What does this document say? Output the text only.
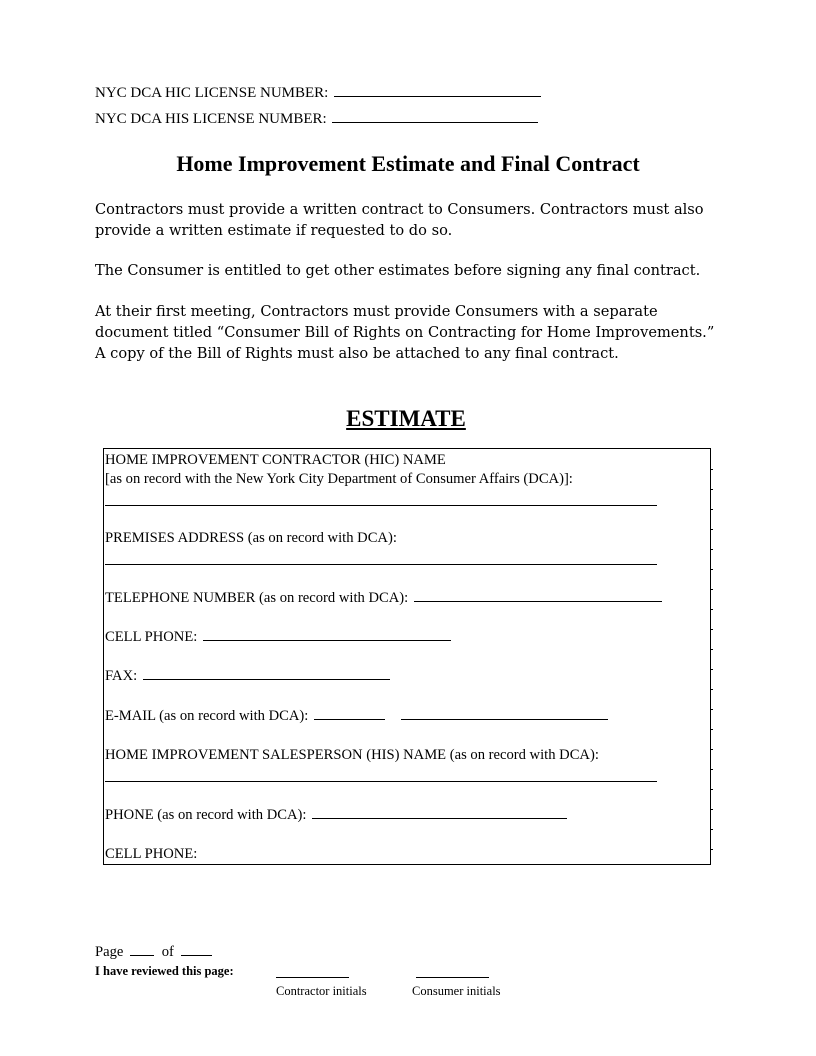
NYC DCA HIC LICENSE NUMBER:
NYC DCA HIS LICENSE NUMBER:
Home Improvement Estimate and Final Contract
Contractors must provide a written contract to Consumers. Contractors must also provide a written estimate if requested to do so.
The Consumer is entitled to get other estimates before signing any final contract.
At their first meeting, Contractors must provide Consumers with a separate document titled “Consumer Bill of Rights on Contracting for Home Improvements.” A copy of the Bill of Rights must also be attached to any final contract.
ESTIMATE
HOME IMPROVEMENT CONTRACTOR (HIC) NAME
[as on record with the New York City Department of Consumer Affairs (DCA)]:
PREMISES ADDRESS (as on record with DCA):
TELEPHONE NUMBER (as on record with DCA):
CELL PHONE:
FAX:
E-MAIL (as on record with DCA):
HOME IMPROVEMENT SALESPERSON (HIS) NAME (as on record with DCA):
PHONE (as on record with DCA):
CELL PHONE:
Page	of
I have reviewed this page:
Contractor initials	Consumer initials
